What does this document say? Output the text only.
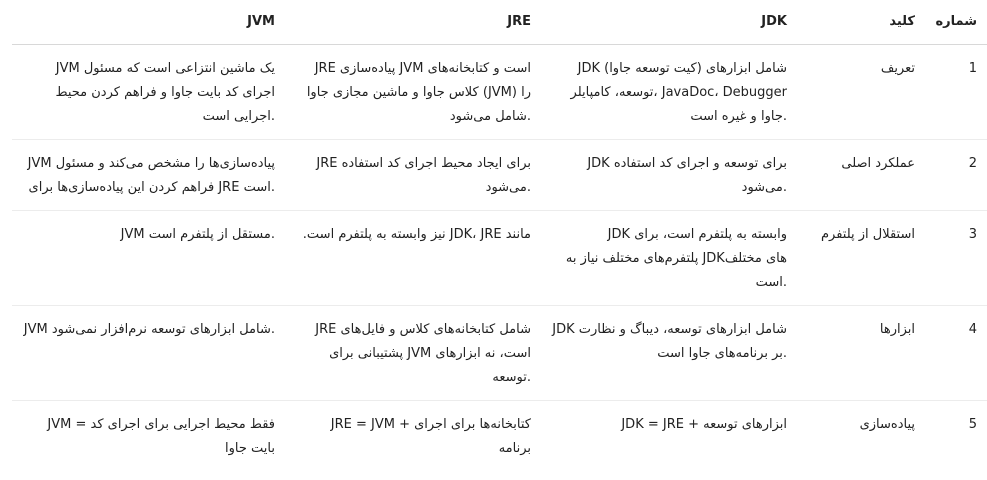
شماره	کلید	JDK	JRE	JVM

1	تعریف	JDK (کیت توسعه جاوا) شامل ابزارهای توسعه، کامپایلر، JavaDoc، Debugger جاوا و غیره است.	JRE پیاده‌سازی JVM است و کتابخانه‌های کلاس جاوا و ماشین مجازی جاوا (JVM) را شامل می‌شود.	JVM یک ماشین انتزاعی است که مسئول اجرای کد بایت جاوا و فراهم کردن محیط اجرایی است.

2	عملکرد اصلی	JDK برای توسعه و اجرای کد استفاده می‌شود.	JRE برای ایجاد محیط اجرای کد استفاده می‌شود.	JVM پیاده‌سازی‌ها را مشخص می‌کند و مسئول فراهم کردن این پیاده‌سازی‌ها برای JRE است.

3	استقلال از پلتفرم	JDK وابسته به پلتفرم است، برای پلتفرم‌های مختلف نیاز به JDKهای مختلف است.	مانند JDK، JRE نیز وابسته به پلتفرم است.	JVM مستقل از پلتفرم است.

4	ابزارها	JDK شامل ابزارهای توسعه، دیباگ و نظارت بر برنامه‌های جاوا است.	JRE شامل کتابخانه‌های کلاس و فایل‌های پشتیبانی برای JVM است، نه ابزارهای توسعه.	JVM شامل ابزارهای توسعه نرم‌افزار نمی‌شود.

5	پیاده‌سازی	JDK = JRE + ابزارهای توسعه	JRE = JVM + کتابخانه‌ها برای اجرای برنامه	JVM = فقط محیط اجرایی برای اجرای کد بایت جاوا
